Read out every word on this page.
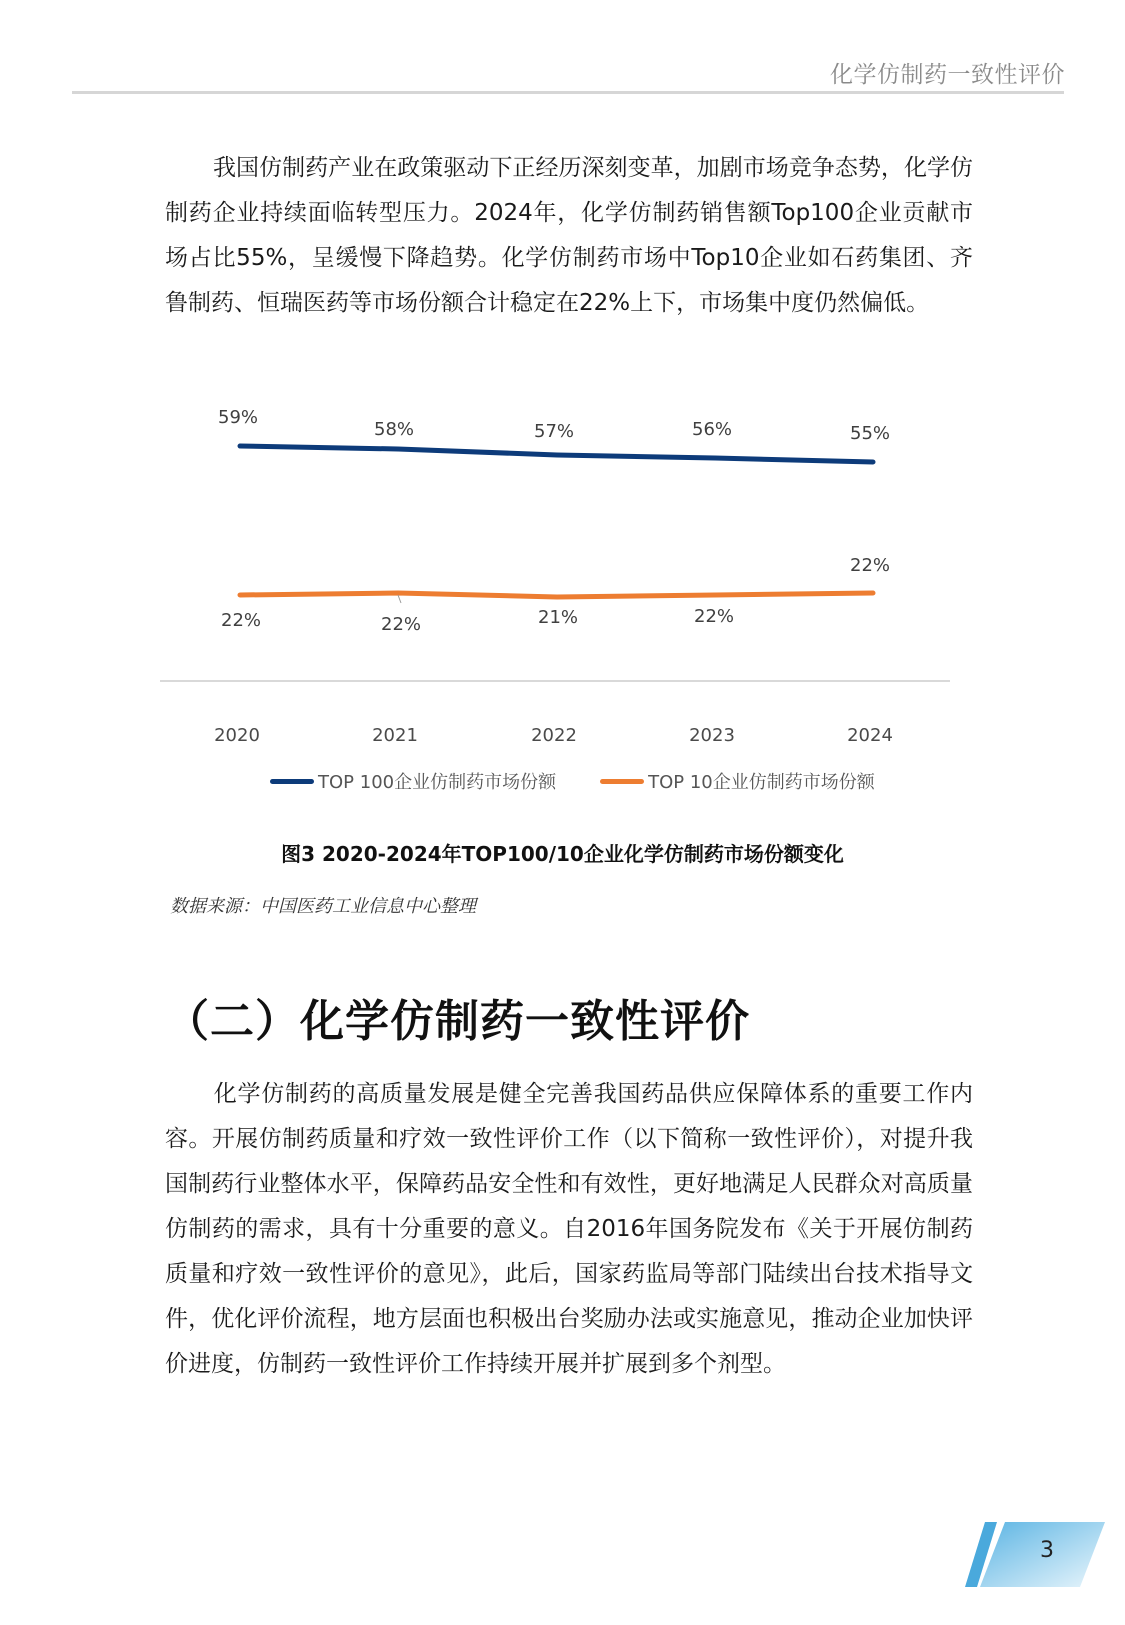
化学仿制药一致性评价

我国仿制药产业在政策驱动下正经历深刻变革，加剧市场竞争态势，化学仿制药企业持续面临转型压力。2024年，化学仿制药销售额Top100企业贡献市场占比55%，呈缓慢下降趋势。化学仿制药市场中Top10企业如石药集团、齐鲁制药、恒瑞医药等市场份额合计稳定在22%上下，市场集中度仍然偏低。

59%
58%	57%	56%	55%
22%	22%	21%	22%
22%
2020	2021	2022	2023	2024
TOP 100企业仿制药市场份额	TOP 10企业仿制药市场份额
图3 2020-2024年TOP100/10企业化学仿制药市场份额变化
数据来源：中国医药工业信息中心整理
（二）化学仿制药一致性评价

化学仿制药的高质量发展是健全完善我国药品供应保障体系的重要工作内容。开展仿制药质量和疗效一致性评价工作（以下简称一致性评价），对提升我国制药行业整体水平，保障药品安全性和有效性，更好地满足人民群众对高质量仿制药的需求，具有十分重要的意义。自2016年国务院发布《关于开展仿制药质量和疗效一致性评价的意见》，此后，国家药监局等部门陆续出台技术指导文件，优化评价流程，地方层面也积极出台奖励办法或实施意见，推动企业加快评价进度，仿制药一致性评价工作持续开展并扩展到多个剂型。

3
